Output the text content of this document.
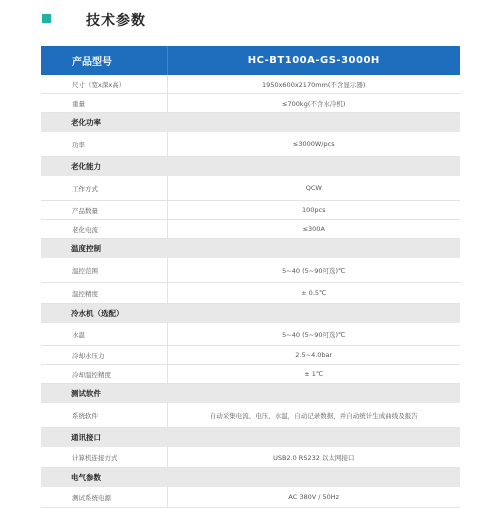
技术参数
产品型号	HC-BT100A-GS-3000H
尺寸（宽x深x高）	1950x600x2170mm(不含显示器)
重量	≤700kg(不含水冷机)
老化功率	
功率	≤3000W/pcs
老化能力	
工作方式	QCW
产品数量	100pcs
老化电流	≤300A
温度控制	
温控范围	5~40 (5~90可选)℃
温控精度	± 0.5℃
冷水机（选配）	
水温	5~40 (5~90可选)℃
冷却水压力	2.5~4.0bar
冷却温控精度	± 1℃
测试软件	
系统软件	自动采集电流、电压、水温，自动记录数据，并自动统计生成曲线及报告
通讯接口	
计算机连接方式	USB2.0 RS232 以太网接口
电气参数	
测试系统电源	AC 380V / 50Hz
